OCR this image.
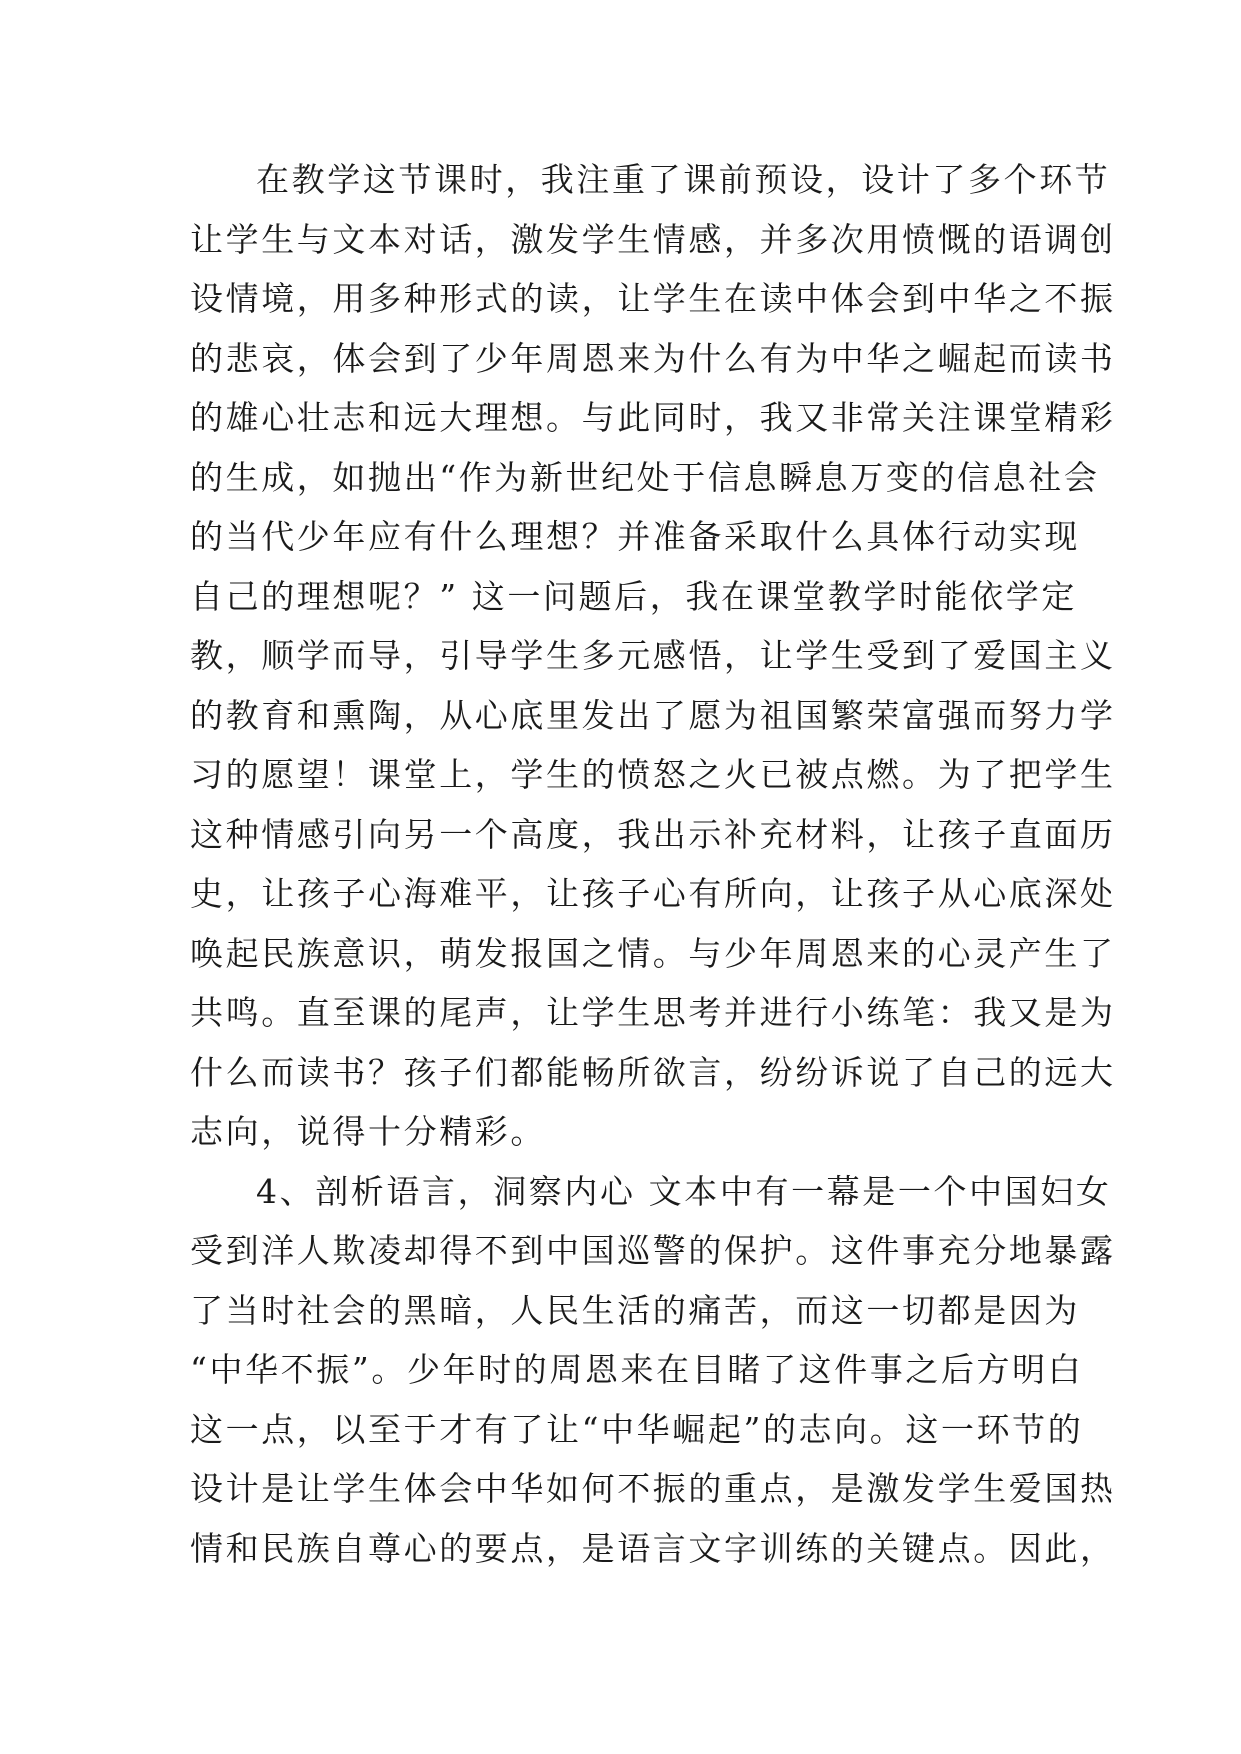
在教学这节课时，我注重了课前预设，设计了多个环节
让学生与文本对话，激发学生情感，并多次用愤慨的语调创
设情境，用多种形式的读，让学生在读中体会到中华之不振
的悲哀，体会到了少年周恩来为什么有为中华之崛起而读书
的雄心壮志和远大理想。与此同时，我又非常关注课堂精彩
的生成，如抛出“作为新世纪处于信息瞬息万变的信息社会
的当代少年应有什么理想？并准备采取什么具体行动实现
自己的理想呢？” 这一问题后，我在课堂教学时能依学定
教，顺学而导，引导学生多元感悟，让学生受到了爱国主义
的教育和熏陶，从心底里发出了愿为祖国繁荣富强而努力学
习的愿望！课堂上，学生的愤怒之火已被点燃。为了把学生
这种情感引向另一个高度，我出示补充材料，让孩子直面历
史，让孩子心海难平，让孩子心有所向，让孩子从心底深处
唤起民族意识，萌发报国之情。与少年周恩来的心灵产生了
共鸣。直至课的尾声，让学生思考并进行小练笔：我又是为
什么而读书？孩子们都能畅所欲言，纷纷诉说了自己的远大
志向，说得十分精彩。
4、剖析语言，洞察内心 文本中有一幕是一个中国妇女
受到洋人欺凌却得不到中国巡警的保护。这件事充分地暴露
了当时社会的黑暗，人民生活的痛苦，而这一切都是因为
“中华不振”。少年时的周恩来在目睹了这件事之后方明白
这一点，以至于才有了让“中华崛起”的志向。这一环节的
设计是让学生体会中华如何不振的重点，是激发学生爱国热
情和民族自尊心的要点，是语言文字训练的关键点。因此，
